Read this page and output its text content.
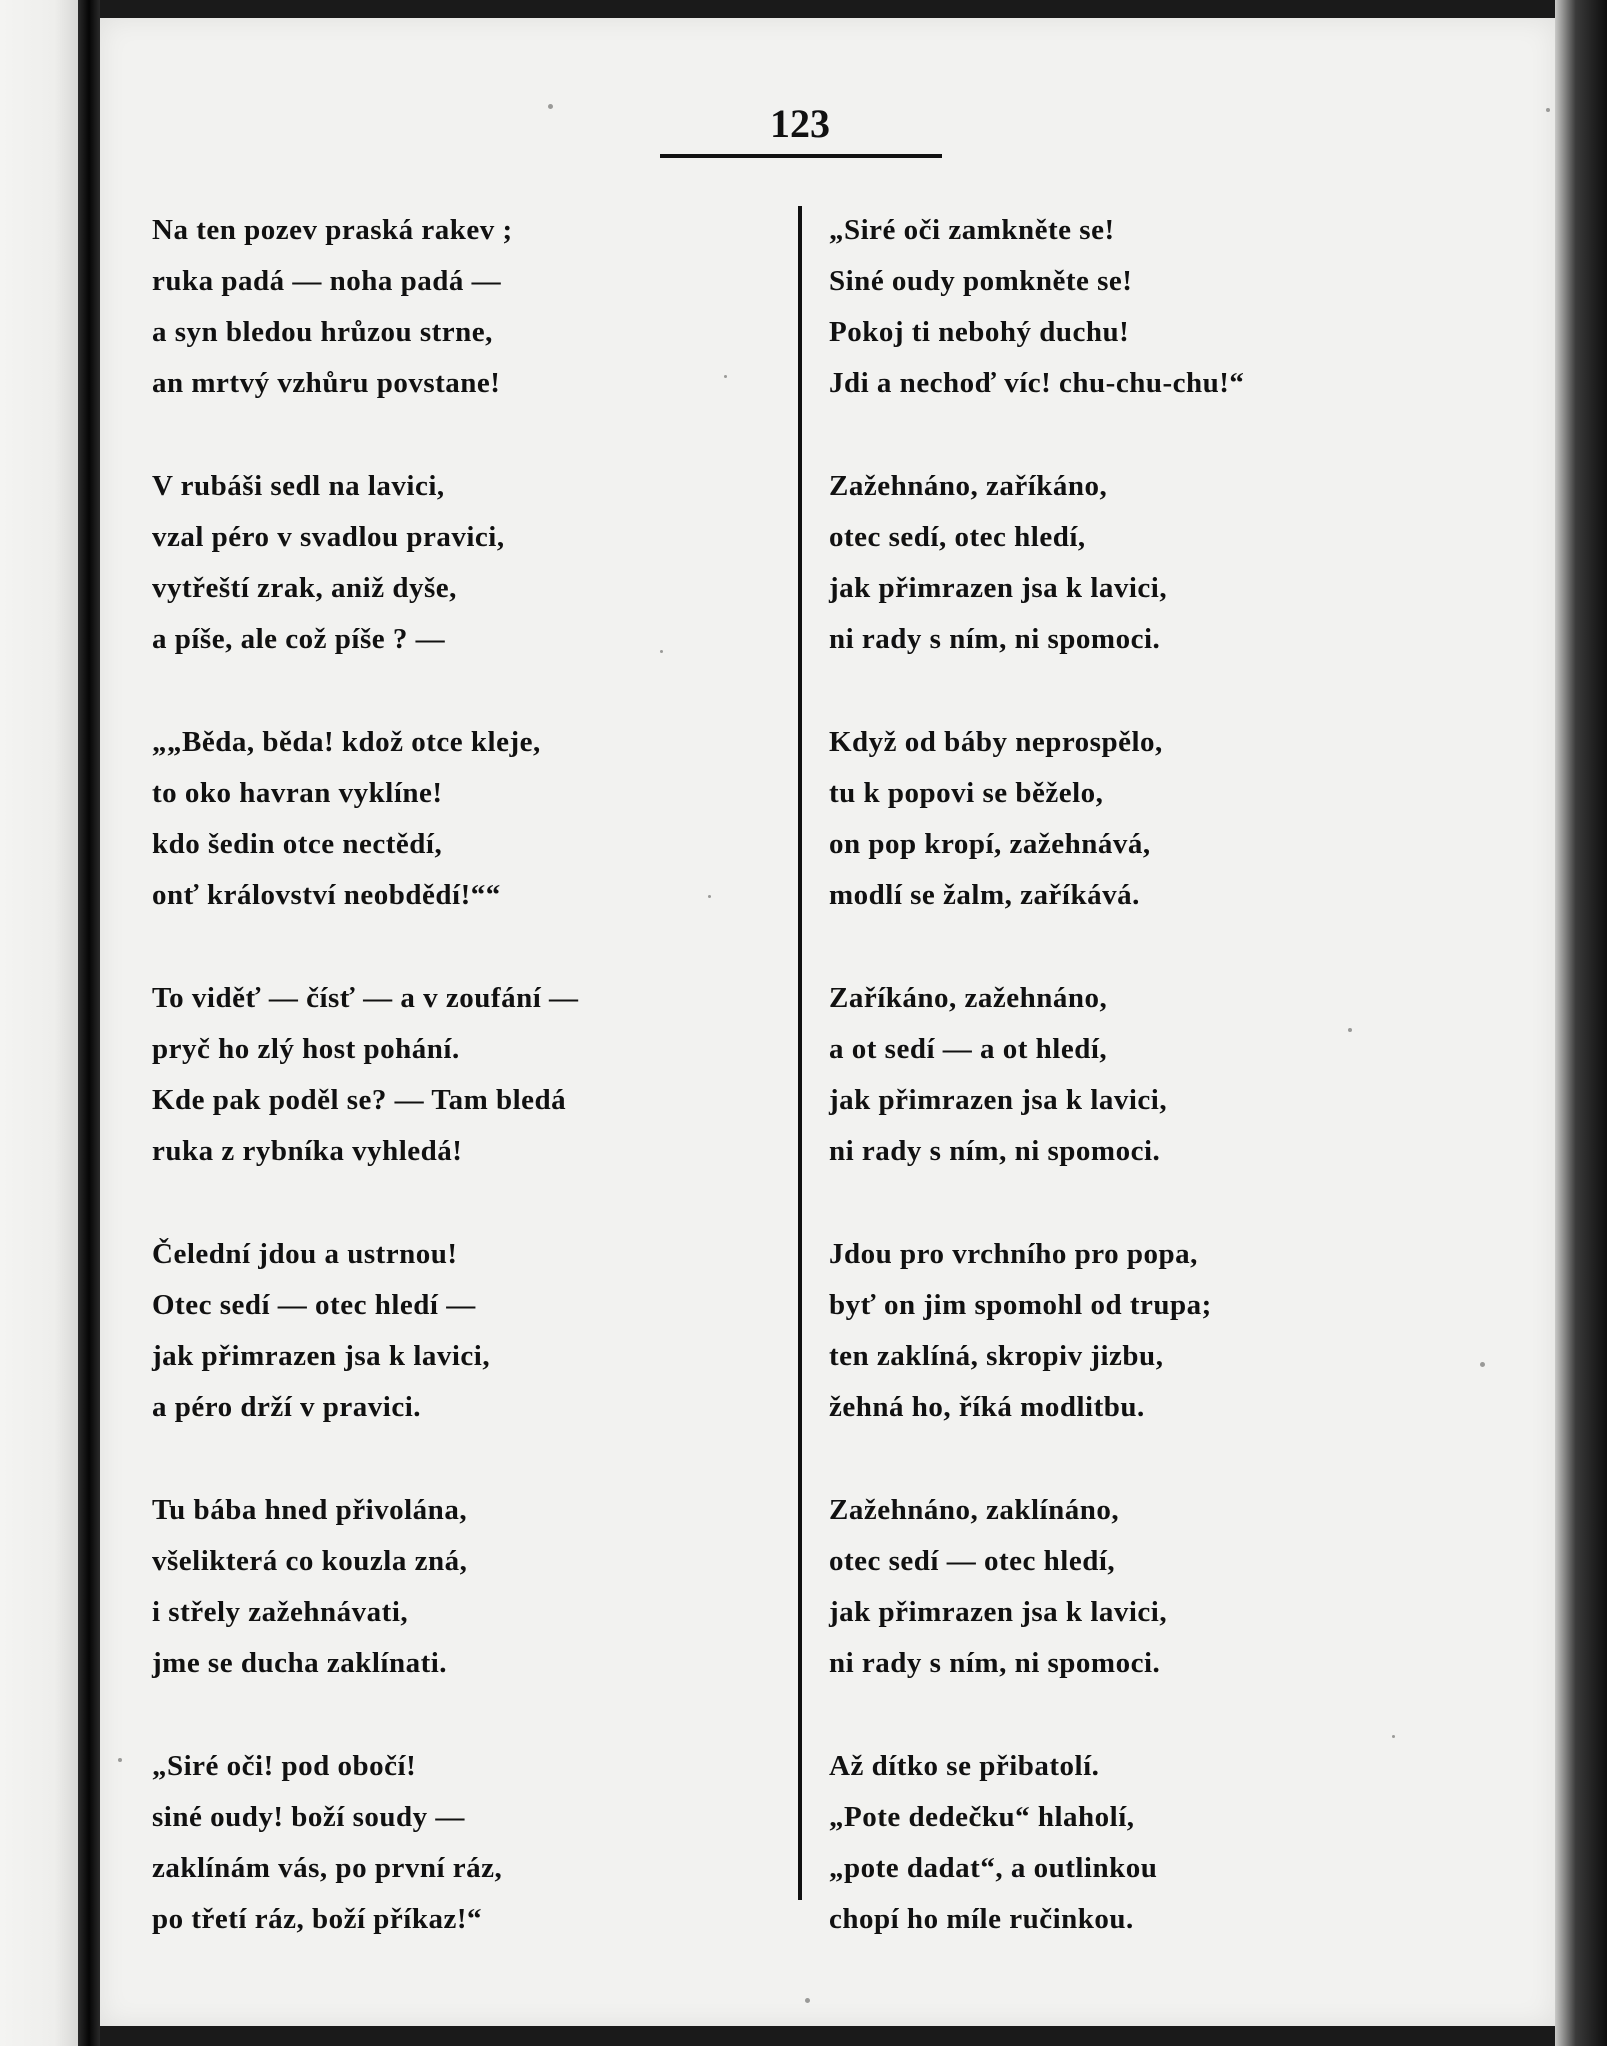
123
Na ten pozev praská rakev ;
ruka padá — noha padá —
a syn bledou hrůzou strne,
an mrtvý vzhůru povstane!
V rubáši sedl na lavici,
vzal péro v svadlou pravici,
vytřeští zrak, aniž dyše,
a píše, ale což píše ? —
„„Běda, běda! kdož otce kleje,
to oko havran vyklíne!
kdo šedin otce nectědí,
onť království neobdědí!““
To viděť — čísť — a v zoufání —
pryč ho zlý host pohání.
Kde pak poděl se? — Tam bledá
ruka z rybníka vyhledá!
Čelední jdou a ustrnou!
Otec sedí — otec hledí —
jak přimrazen jsa k lavici,
a péro drží v pravici.
Tu bába hned přivolána,
všelikterá co kouzla zná,
i střely zažehnávati,
jme se ducha zaklínati.
„Siré oči! pod obočí!
siné oudy! boží soudy —
zaklínám vás, po první ráz,
po třetí ráz, boží příkaz!“
„Siré oči zamkněte se!
Siné oudy pomkněte se!
Pokoj ti nebohý duchu!
Jdi a nechoď víc! chu-chu-chu!“
Zažehnáno, zaříkáno,
otec sedí, otec hledí,
jak přimrazen jsa k lavici,
ni rady s ním, ni spomoci.
Když od báby neprospělo,
tu k popovi se běželo,
on pop kropí, zažehnává,
modlí se žalm, zaříkává.
Zaříkáno, zažehnáno,
a ot sedí — a ot hledí,
jak přimrazen jsa k lavici,
ni rady s ním, ni spomoci.
Jdou pro vrchního pro popa,
byť on jim spomohl od trupa;
ten zaklíná, skropiv jizbu,
žehná ho, říká modlitbu.
Zažehnáno, zaklínáno,
otec sedí — otec hledí,
jak přimrazen jsa k lavici,
ni rady s ním, ni spomoci.
Až dítko se přibatolí.
„Pote dedečku“ hlaholí,
„pote dadat“, a outlinkou
chopí ho míle ručinkou.
